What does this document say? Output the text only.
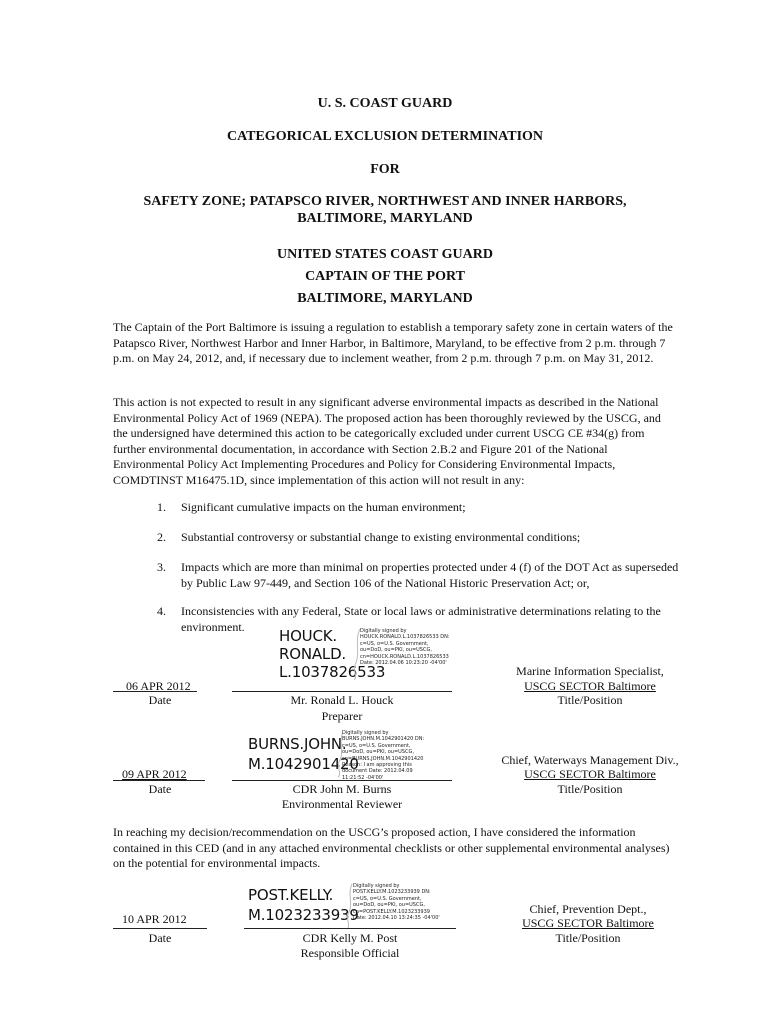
U. S. COAST GUARD
CATEGORICAL EXCLUSION DETERMINATION
FOR
SAFETY ZONE; PATAPSCO RIVER, NORTHWEST AND INNER HARBORS,
BALTIMORE, MARYLAND
UNITED STATES COAST GUARD
CAPTAIN OF THE PORT
BALTIMORE, MARYLAND
The Captain of the Port Baltimore is issuing a regulation to establish a temporary safety zone in certain waters of the Patapsco River, Northwest Harbor and Inner Harbor, in Baltimore, Maryland, to be effective from 2 p.m. through 7 p.m. on May 24, 2012, and, if necessary due to inclement weather, from 2 p.m. through 7 p.m. on May 31, 2012.
This action is not expected to result in any significant adverse environmental impacts as described in the National Environmental Policy Act of 1969 (NEPA). The proposed action has been thoroughly reviewed by the USCG, and the undersigned have determined this action to be categorically excluded under current USCG CE #34(g) from further environmental documentation, in accordance with Section 2.B.2 and Figure 201 of the National Environmental Policy Act Implementing Procedures and Policy for Considering Environmental Impacts, COMDTINST M16475.1D, since implementation of this action will not result in any:
1. Significant cumulative impacts on the human environment;
2. Substantial controversy or substantial change to existing environmental conditions;
3. Impacts which are more than minimal on properties protected under 4 (f) of the DOT Act as superseded by Public Law 97-449, and Section 106 of the National Historic Preservation Act; or,
4. Inconsistencies with any Federal, State or local laws or administrative determinations relating to the environment.
HOUCK.
RONALD.
L.1037826533
Digitally signed by HOUCK.RONALD.L.1037826533 DN: c=US, o=U.S. Government, ou=DoD, ou=PKI, ou=USCG, cn=HOUCK.RONALD.L.1037826533 Date: 2012.04.06 10:23:20 -04'00'
06 APR 2012
Date	Mr. Ronald L. Houck
Preparer
Marine Information Specialist,
USCG SECTOR Baltimore
Title/Position
BURNS.JOHN.
M.1042901420
Digitally signed by BURNS.JOHN.M.1042901420 DN: c=US, o=U.S. Government, ou=DoD, ou=PKI, ou=USCG, cn=BURNS.JOHN.M.1042901420 Reason: I am approving this document Date: 2012.04.09 11:21:52 -04'00'
09 APR 2012
Date	CDR John M. Burns
Environmental Reviewer
Chief, Waterways Management Div.,
USCG SECTOR Baltimore
Title/Position
In reaching my decision/recommendation on the USCG’s proposed action, I have considered the information contained in this CED (and in any attached environmental checklists or other supplemental environmental analyses) on the potential for environmental impacts.
POST.KELLY.
M.1023233939
Digitally signed by POST.KELLY.M.1023233939 DN: c=US, o=U.S. Government, ou=DoD, ou=PKI, ou=USCG, cn=POST.KELLY.M.1023233939 Date: 2012.04.10 13:24:35 -04'00'
10 APR 2012
Date	CDR Kelly M. Post
Responsible Official
Chief, Prevention Dept.,
USCG SECTOR Baltimore
Title/Position
